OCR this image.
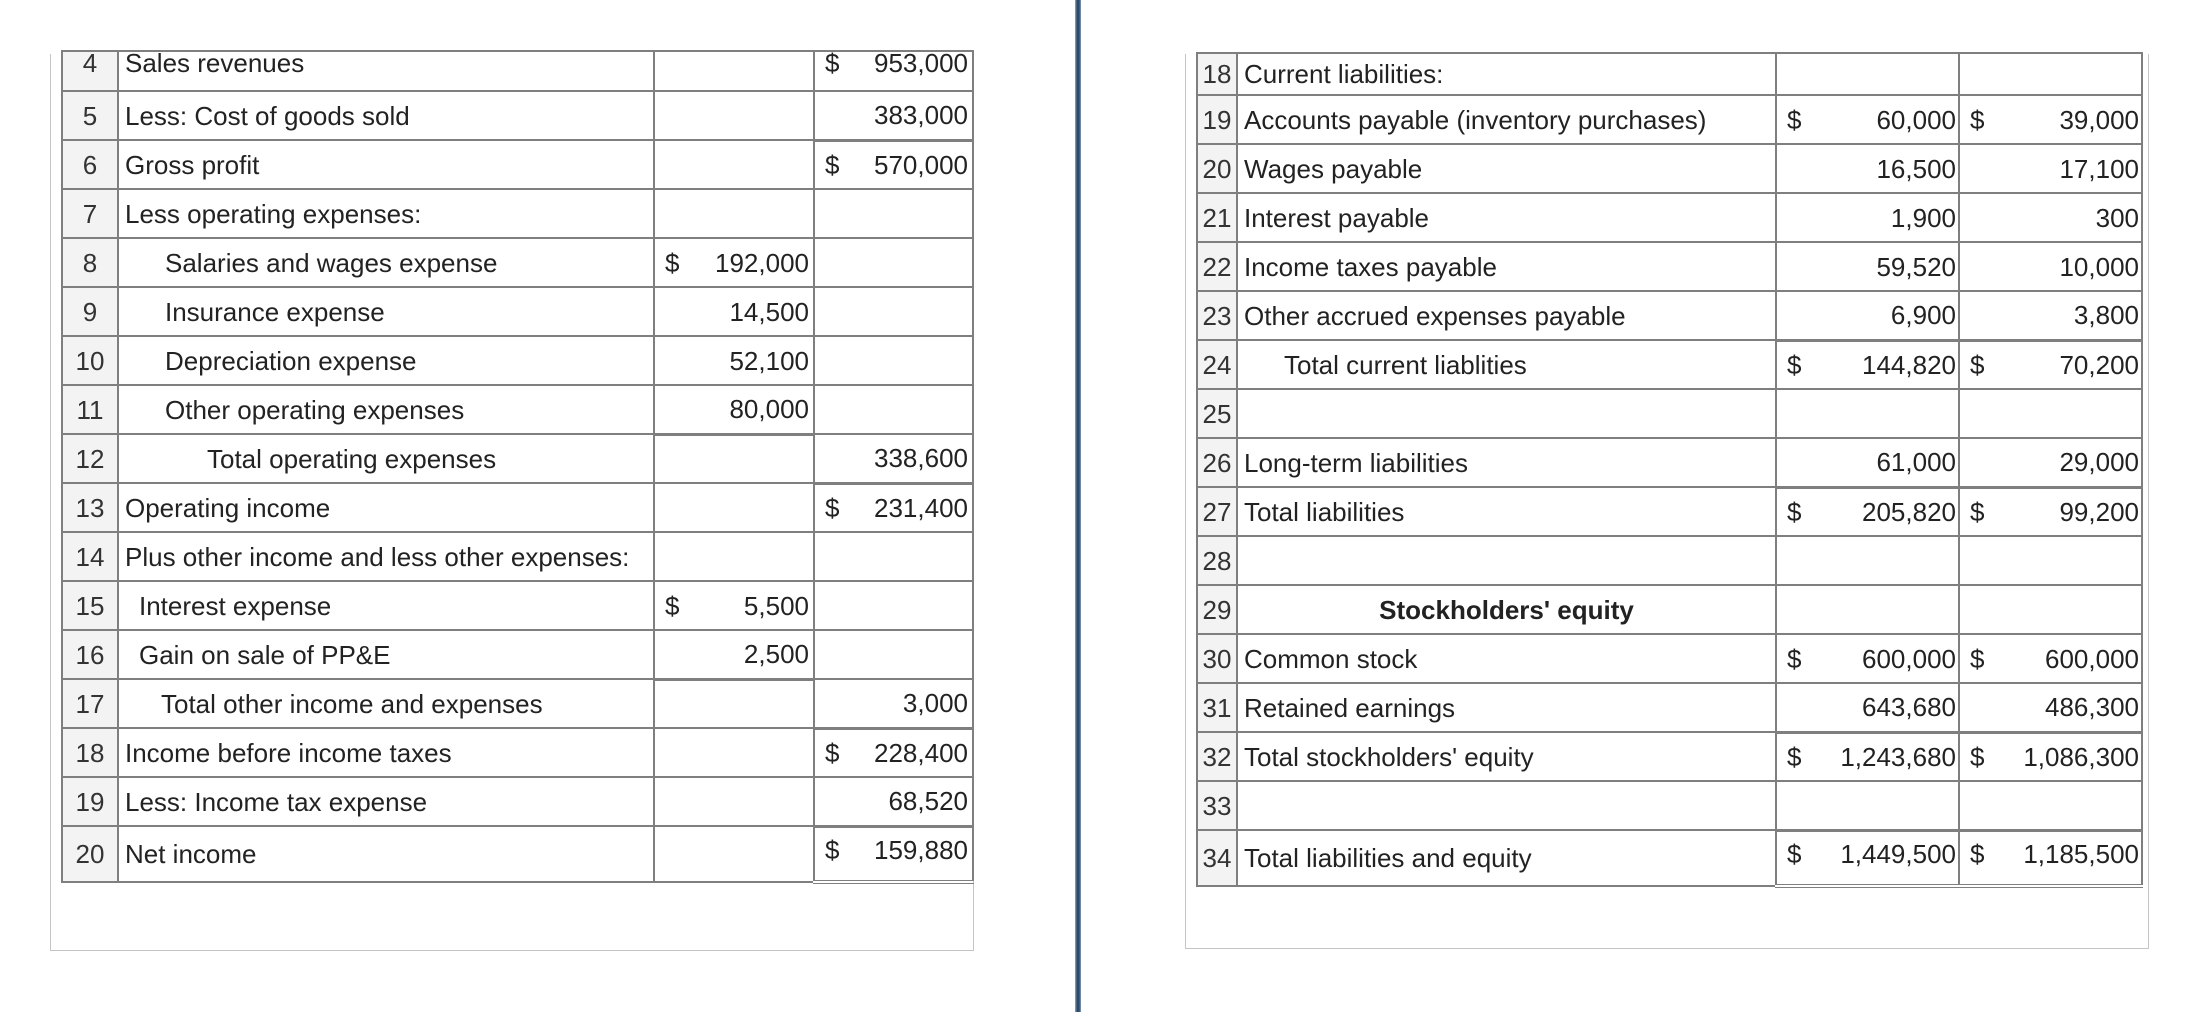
4	Sales revenues		$ 953,000
5	Less: Cost of goods sold		383,000
6	Gross profit		$ 570,000
7	Less operating expenses:		
8	Salaries and wages expense	$ 192,000	
9	Insurance expense	14,500	
10	Depreciation expense	52,100	
11	Other operating expenses	80,000	
12	Total operating expenses		338,600
13	Operating income		$ 231,400
14	Plus other income and less other expenses:		
15	Interest expense	$ 5,500	
16	Gain on sale of PP&E	2,500	
17	Total other income and expenses		3,000
18	Income before income taxes		$ 228,400
19	Less: Income tax expense		68,520
20	Net income		$ 159,880
18	Current liabilities:		
19	Accounts payable (inventory purchases)	$ 60,000	$ 39,000
20	Wages payable	16,500	17,100
21	Interest payable	1,900	300
22	Income taxes payable	59,520	10,000
23	Other accrued expenses payable	6,900	3,800
24	Total current liablities	$ 144,820	$ 70,200
25			
26	Long-term liabilities	61,000	29,000
27	Total liabilities	$ 205,820	$ 99,200
28			
29	Stockholders' equity		
30	Common stock	$ 600,000	$ 600,000
31	Retained earnings	643,680	486,300
32	Total stockholders' equity	$ 1,243,680	$ 1,086,300
33			
34	Total liabilities and equity	$ 1,449,500	$ 1,185,500
